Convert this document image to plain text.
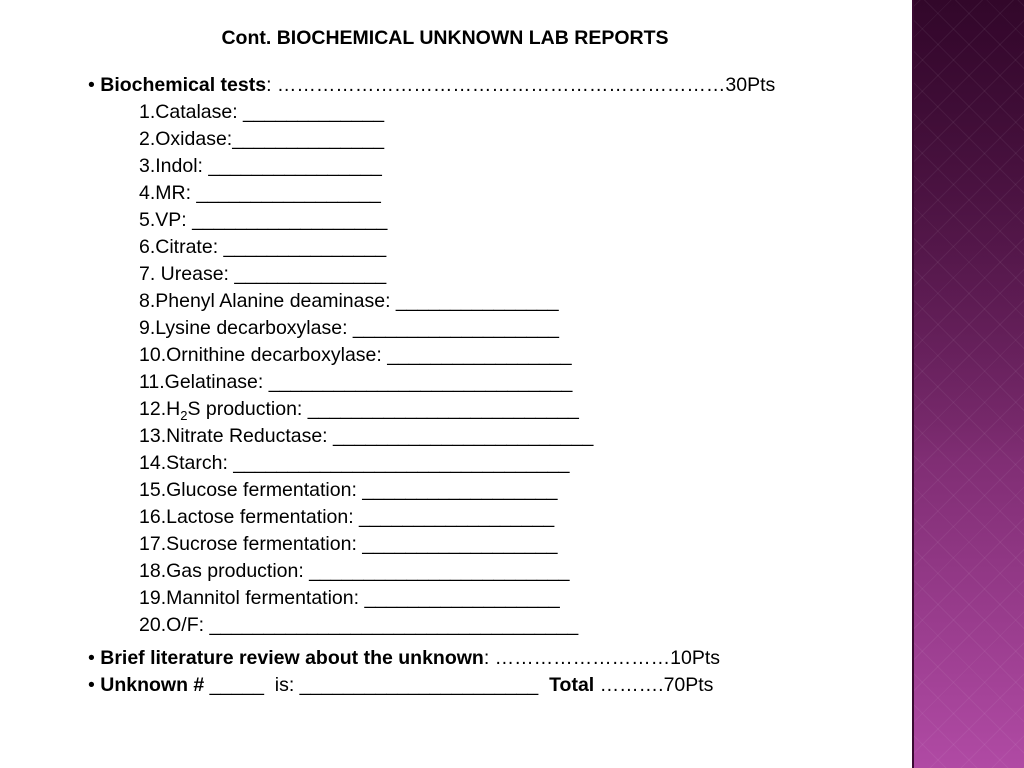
Cont. BIOCHEMICAL UNKNOWN LAB REPORTS
• Biochemical tests: ……………………………………………………………30Pts
1.Catalase: _____________
2.Oxidase:______________
3.Indol: ________________
4.MR: _________________
5.VP: __________________
6.Citrate: _______________
7. Urease: ______________
8.Phenyl Alanine deaminase: _______________
9.Lysine decarboxylase: ___________________
10.Ornithine decarboxylase: _________________
11.Gelatinase: ____________________________
$12.H_2S$ production: _________________________
13.Nitrate Reductase: ________________________
14.Starch: _______________________________
15.Glucose fermentation: __________________
16.Lactose fermentation: __________________
17.Sucrose fermentation: __________________
18.Gas production: ________________________
19.Mannitol fermentation: __________________
20.O/F: __________________________________
• Brief literature review about the unknown: ………………………10Pts
• Unknown # _____  is: ______________________  Total ……….70Pts
